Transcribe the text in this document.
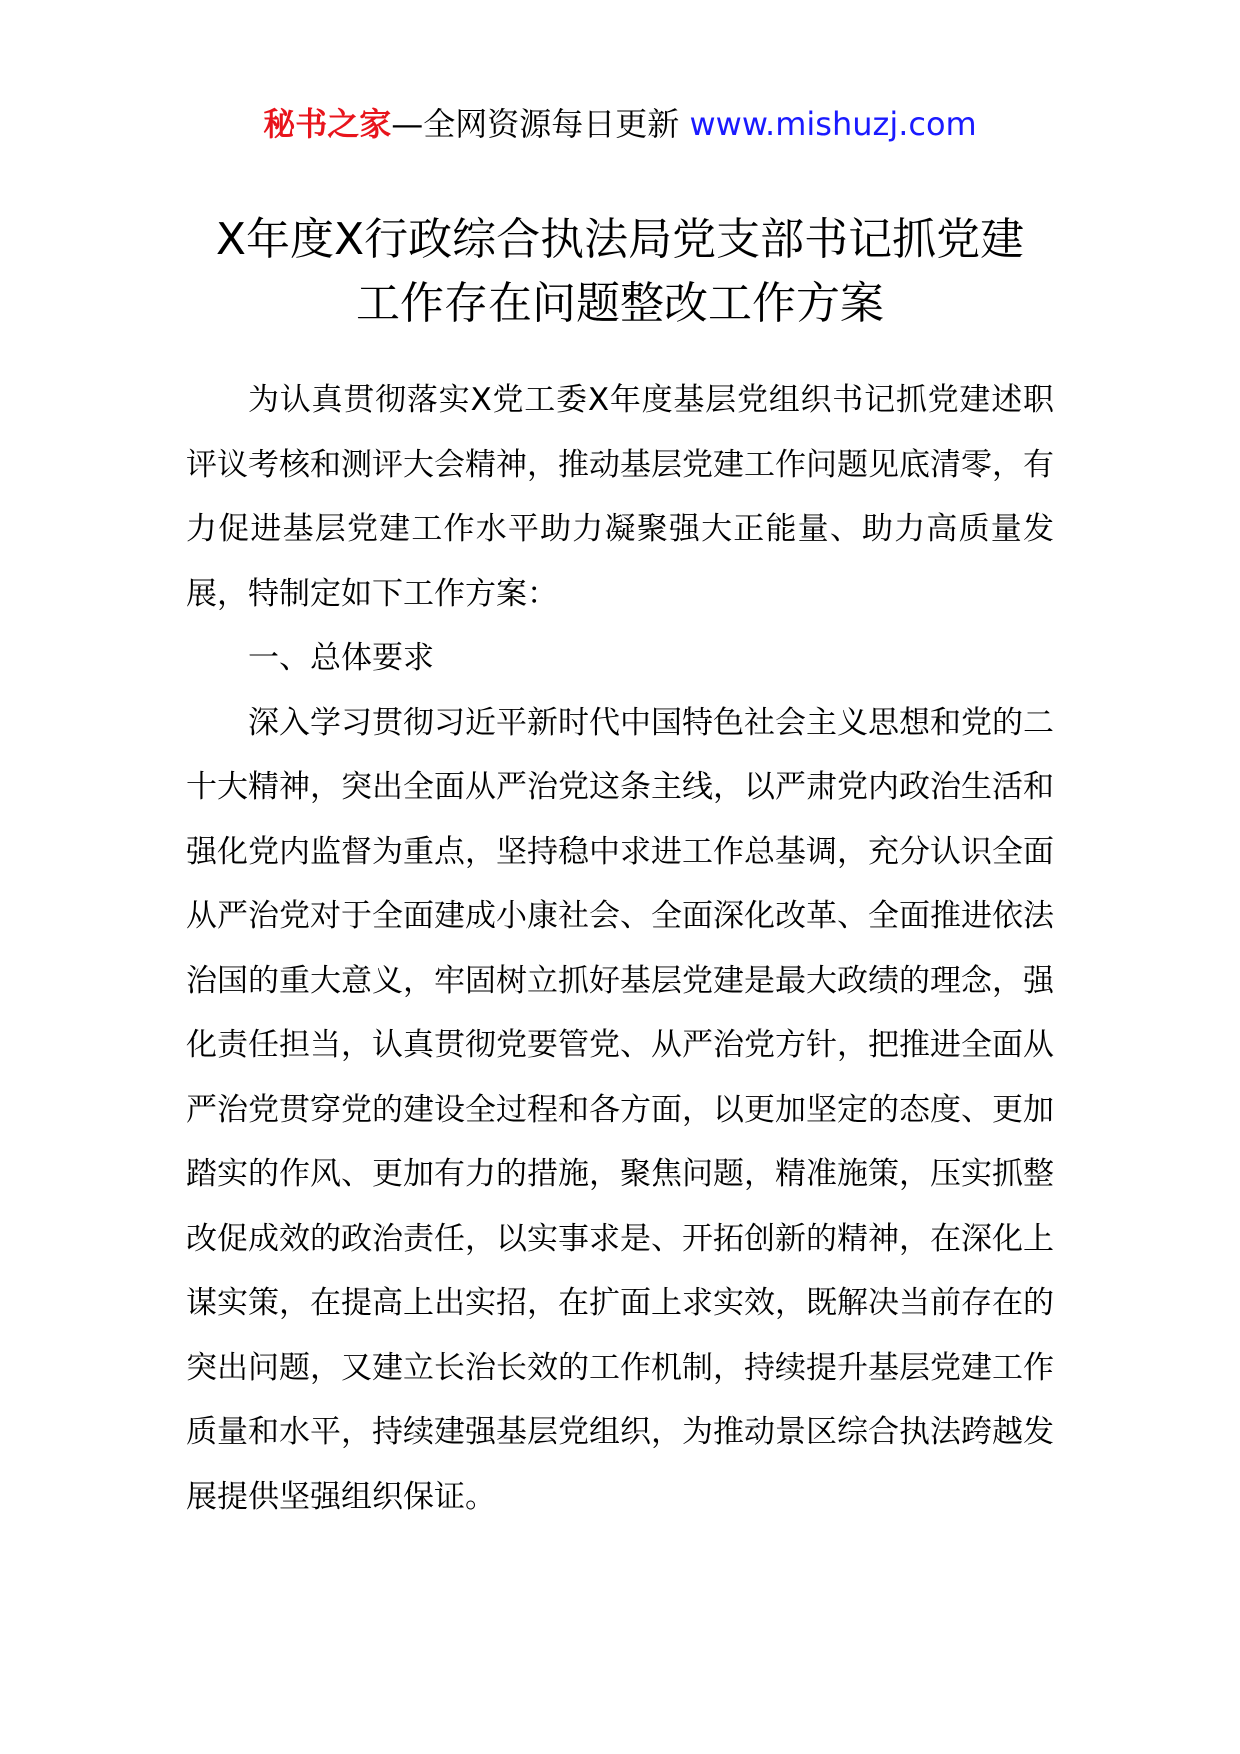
秘书之家—全网资源每日更新 www.mishuzj.com
X年度X行政综合执法局党支部书记抓党建
工作存在问题整改工作方案

为认真贯彻落实X党工委X年度基层党组织书记抓党建述职评议考核和测评大会精神，推动基层党建工作问题见底清零，有力促进基层党建工作水平助力凝聚强大正能量、助力高质量发展，特制定如下工作方案：

一、总体要求

深入学习贯彻习近平新时代中国特色社会主义思想和党的二十大精神，突出全面从严治党这条主线，以严肃党内政治生活和强化党内监督为重点，坚持稳中求进工作总基调，充分认识全面从严治党对于全面建成小康社会、全面深化改革、全面推进依法治国的重大意义，牢固树立抓好基层党建是最大政绩的理念，强化责任担当，认真贯彻党要管党、从严治党方针，把推进全面从严治党贯穿党的建设全过程和各方面，以更加坚定的态度、更加踏实的作风、更加有力的措施，聚焦问题，精准施策，压实抓整改促成效的政治责任，以实事求是、开拓创新的精神，在深化上谋实策，在提高上出实招，在扩面上求实效，既解决当前存在的突出问题，又建立长治长效的工作机制，持续提升基层党建工作质量和水平，持续建强基层党组织，为推动景区综合执法跨越发展提供坚强组织保证。
